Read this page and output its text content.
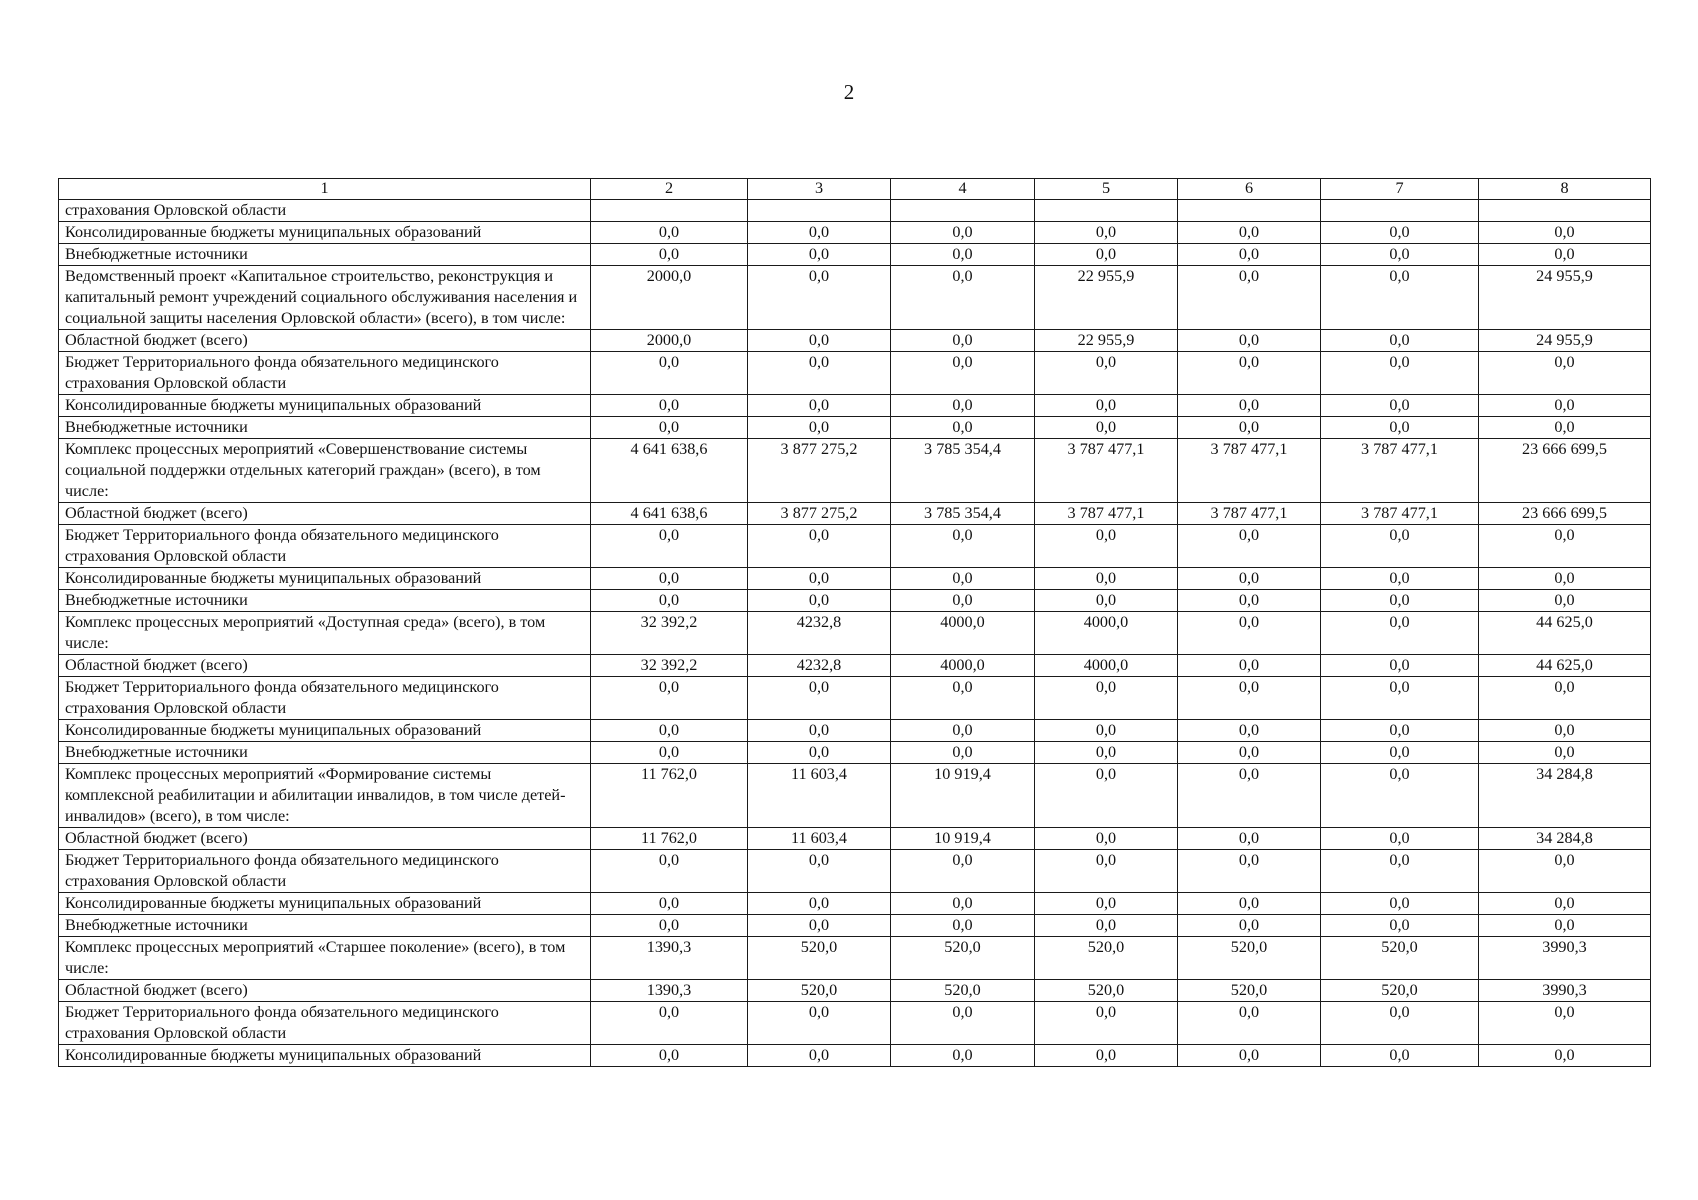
2
1	2	3	4	5	6	7	8
страхования Орловской области							
Консолидированные бюджеты муниципальных образований	0,0	0,0	0,0	0,0	0,0	0,0	0,0
Внебюджетные источники	0,0	0,0	0,0	0,0	0,0	0,0	0,0
Ведомственный проект «Капитальное строительство, реконструкция и капитальный ремонт учреждений социального обслуживания населения и социальной защиты населения Орловской области» (всего), в том числе:	2000,0	0,0	0,0	22 955,9	0,0	0,0	24 955,9
Областной бюджет (всего)	2000,0	0,0	0,0	22 955,9	0,0	0,0	24 955,9
Бюджет Территориального фонда обязательного медицинского страхования Орловской области	0,0	0,0	0,0	0,0	0,0	0,0	0,0
Консолидированные бюджеты муниципальных образований	0,0	0,0	0,0	0,0	0,0	0,0	0,0
Внебюджетные источники	0,0	0,0	0,0	0,0	0,0	0,0	0,0
Комплекс процессных мероприятий «Совершенствование системы социальной поддержки отдельных категорий граждан» (всего), в том числе:	4 641 638,6	3 877 275,2	3 785 354,4	3 787 477,1	3 787 477,1	3 787 477,1	23 666 699,5
Областной бюджет (всего)	4 641 638,6	3 877 275,2	3 785 354,4	3 787 477,1	3 787 477,1	3 787 477,1	23 666 699,5
Бюджет Территориального фонда обязательного медицинского страхования Орловской области	0,0	0,0	0,0	0,0	0,0	0,0	0,0
Консолидированные бюджеты муниципальных образований	0,0	0,0	0,0	0,0	0,0	0,0	0,0
Внебюджетные источники	0,0	0,0	0,0	0,0	0,0	0,0	0,0
Комплекс процессных мероприятий «Доступная среда» (всего), в том числе:	32 392,2	4232,8	4000,0	4000,0	0,0	0,0	44 625,0
Областной бюджет (всего)	32 392,2	4232,8	4000,0	4000,0	0,0	0,0	44 625,0
Бюджет Территориального фонда обязательного медицинского страхования Орловской области	0,0	0,0	0,0	0,0	0,0	0,0	0,0
Консолидированные бюджеты муниципальных образований	0,0	0,0	0,0	0,0	0,0	0,0	0,0
Внебюджетные источники	0,0	0,0	0,0	0,0	0,0	0,0	0,0
Комплекс процессных мероприятий «Формирование системы комплексной реабилитации и абилитации инвалидов, в том числе детей-инвалидов» (всего), в том числе:	11 762,0	11 603,4	10 919,4	0,0	0,0	0,0	34 284,8
Областной бюджет (всего)	11 762,0	11 603,4	10 919,4	0,0	0,0	0,0	34 284,8
Бюджет Территориального фонда обязательного медицинского страхования Орловской области	0,0	0,0	0,0	0,0	0,0	0,0	0,0
Консолидированные бюджеты муниципальных образований	0,0	0,0	0,0	0,0	0,0	0,0	0,0
Внебюджетные источники	0,0	0,0	0,0	0,0	0,0	0,0	0,0
Комплекс процессных мероприятий «Старшее поколение» (всего), в том числе:	1390,3	520,0	520,0	520,0	520,0	520,0	3990,3
Областной бюджет (всего)	1390,3	520,0	520,0	520,0	520,0	520,0	3990,3
Бюджет Территориального фонда обязательного медицинского страхования Орловской области	0,0	0,0	0,0	0,0	0,0	0,0	0,0
Консолидированные бюджеты муниципальных образований	0,0	0,0	0,0	0,0	0,0	0,0	0,0
